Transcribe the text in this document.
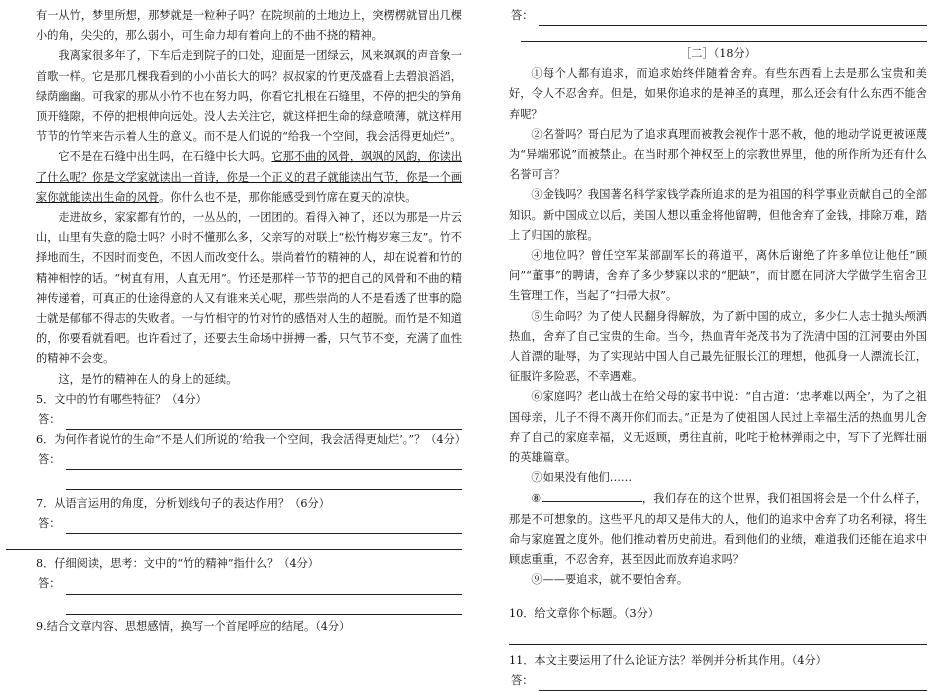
有一从竹，梦里所想，那梦就是一粒种子吗？在院坝前的土地边上，突楞楞就冒出几棵小的角，尖尖的，那么弱小，可生命力却有着向上的不曲不挠的精神。

我离家很多年了，下车后走到院子的口处，迎面是一团绿云，风来飒飒的声音象一首歌一样。它是那几棵我看到的小小苗长大的吗？叔叔家的竹更茂盛看上去碧浪滔滔，绿荫幽幽。可我家的那从小竹不也在努力吗，你看它扎根在石缝里，不停的把尖的笋角顶开缝隙，不停的把根伸向远处。没人去关注它，就这样把生命的绿意喷薄，就这样用节节的竹竿来告示着人生的意义。而不是人们说的“给我一个空间，我会活得更灿烂”。

它不是在石缝中出生吗，在石缝中长大吗。它那不曲的风骨，飒飒的风韵，你读出了什么呢？你是文学家就读出一首诗，你是一个正义的君子就能读出气节，你是一个画家你就能读出生命的风骨。你什么也不是，那你能感受到竹席在夏天的凉快。

走进故乡，家家都有竹的，一丛丛的，一团团的。看得入神了，还以为那是一片云山，山里有失意的隐士吗？小时不懂那么多，父亲写的对联上“松竹梅岁寒三友”。竹不择地而生，不因时而变色，不因人而改变什么。崇尚着竹的精神的人，却在说着和竹的精神相悖的话。“树直有用，人直无用”。竹还是那样一节节的把自己的风骨和不曲的精神传递着，可真正的仕途得意的人又有谁来关心呢，那些崇尚的人不是看透了世事的隐士就是郁郁不得志的失败者。一与竹相守的竹对竹的感悟对人生的超脱。而竹是不知道的，你要看就看吧。也许看过了，还要去生命场中拼搏一番，只气节不变，充满了血性的精神不会变。

这，是竹的精神在人的身上的延续。

5．文中的竹有哪些特征？（4分）

答：

6．为何作者说竹的生命“不是人们所说的‘给我一个空间，我会活得更灿烂’。”？（4分）

答：

7．从语言运用的角度，分析划线句子的表达作用？（6分）

答：

8．仔细阅读，思考：文中的“竹的精神”指什么？（4分）

答：

9.结合文章内容、思想感情，换写一个首尾呼应的结尾。（4分）

答：

［二］（18分）

①每个人都有追求，而追求始终伴随着舍弃。有些东西看上去是那么宝贵和美好，令人不忍舍弃。但是，如果你追求的是神圣的真理，那么还会有什么东西不能舍弃呢？

②名誉吗？哥白尼为了追求真理而被教会视作十恶不赦，他的地动学说更被诬蔑为“异端邪说”而被禁止。在当时那个神权至上的宗教世界里，他的所作所为还有什么名誉可言？

③金钱吗？我国著名科学家钱学森所追求的是为祖国的科学事业贡献自己的全部知识。新中国成立以后，美国人想以重金将他留聘，但他舍弃了金钱，排除万难，踏上了归国的旅程。

④地位吗？曾任空军某部副军长的蒋道平，离休后谢绝了许多单位让他任“顾问”“董事”的聘请，舍弃了多少梦寐以求的“肥缺”，而甘愿在同济大学做学生宿舍卫生管理工作，当起了“扫帚大叔”。

⑤生命吗？为了使人民翻身得解放，为了新中国的成立，多少仁人志士抛头颅洒热血，舍弃了自己宝贵的生命。当今，热血青年尧茂书为了洗清中国的江河要由外国人首漂的耻辱，为了实现站中国人自己最先征服长江的理想，他孤身一人漂流长江，征服许多险恶，不幸遇难。

⑥家庭吗？老山战士在给父母的家书中说：“自古道：‘忠孝难以两全’，为了之祖国母亲，儿子不得不离开你们而去。”正是为了使祖国人民过上幸福生活的热血男儿舍弃了自己的家庭幸福，义无返顾，勇往直前，叱咤于枪林弹雨之中，写下了光辉壮丽的英雄篇章。

⑦如果没有他们……

⑧	，我们存在的这个世界，我们祖国将会是一个什么样子，那是不可想象的。这些平凡的却又是伟大的人，他们的追求中舍弃了功名利禄，将生命与家庭置之度外。他们推动着历史前进。看到他们的业绩，难道我们还能在追求中顾虑重重，不忍舍弃，甚至因此而放弃追求吗？

⑨——要追求，就不要怕舍弃。

10．给文章你个标题。（3分）

11．本文主要运用了什么论证方法？举例并分析其作用。（4分）

答：
